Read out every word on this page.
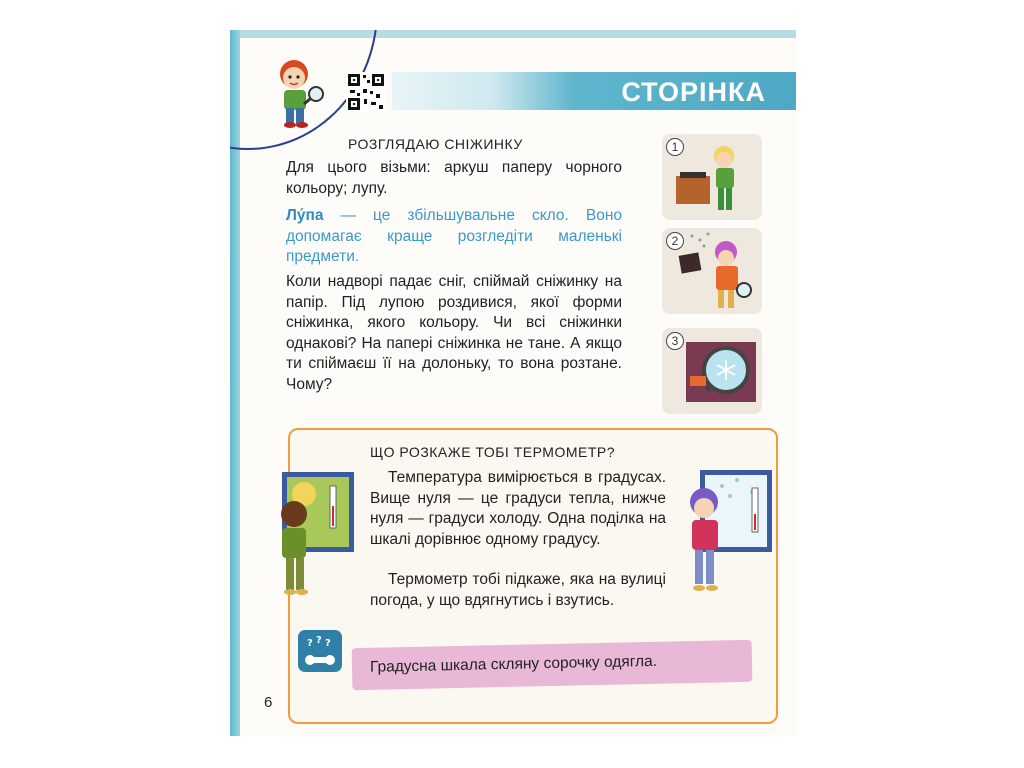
СТОРІНКА
РОЗГЛЯДАЮ СНІЖИНКУ

Для цього візьми: аркуш паперу чорного кольору; лупу.

Лу́па — це збільшувальне скло. Воно допомагає краще розгледіти маленькі предмети.

Коли надворі падає сніг, спіймай сніжинку на папір. Під лупою роздивися, якої форми сніжинка, якого кольору. Чи всі сніжинки однакові? На папері сніжинка не тане. А якщо ти спіймаєш її на долоньку, то вона розтане. Чому?

1
2
3
ЩО РОЗКАЖЕ ТОБІ ТЕРМОМЕТР?

Температура вимірюється в градусах. Вище нуля — це градуси тепла, нижче нуля — градуси холоду. Одна поділка на шкалі дорівнює одному градусу.

Термометр тобі підкаже, яка на вулиці погода, у що вдягнутись і взутись.

? ? ?
Градусна шкала скляну сорочку одягла.
6
